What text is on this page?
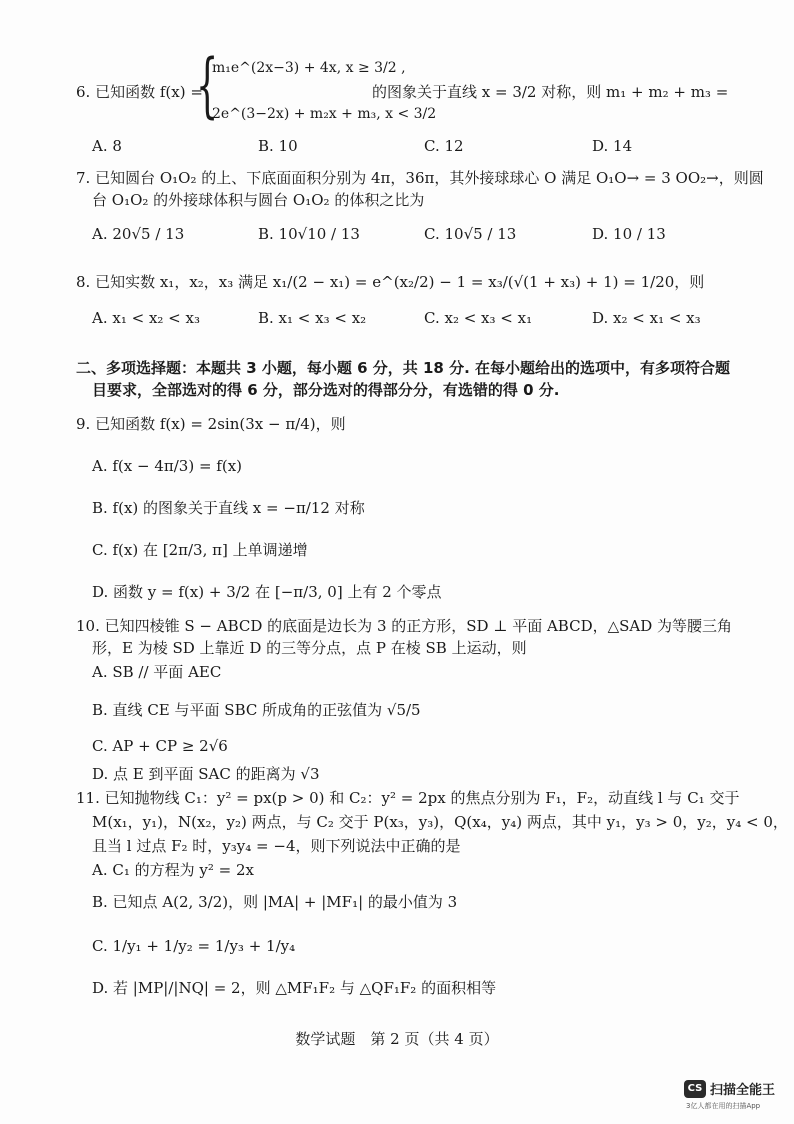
6. 已知函数 f(x) =
{
m₁e^(2x−3) + 4x, x ≥ 3/2 ,
2e^(3−2x) + m₂x + m₃, x < 3/2
的图象关于直线 x = 3/2 对称，则 m₁ + m₂ + m₃ =
A. 8	B. 10	C. 12	D. 14
7. 已知圆台 O₁O₂ 的上、下底面面积分别为 4π，36π，其外接球球心 O 满足 O₁O→ = 3 OO₂→，则圆
台 O₁O₂ 的外接球体积与圆台 O₁O₂ 的体积之比为
A. 20√5 / 13	B. 10√10 / 13	C. 10√5 / 13	D. 10 / 13
8. 已知实数 x₁，x₂，x₃ 满足 x₁/(2 − x₁) = e^(x₂/2) − 1 = x₃/(√(1 + x₃) + 1) = 1/20，则
A. x₁ < x₂ < x₃	B. x₁ < x₃ < x₂	C. x₂ < x₃ < x₁	D. x₂ < x₁ < x₃
二、多项选择题：本题共 3 小题，每小题 6 分，共 18 分. 在每小题给出的选项中，有多项符合题
目要求，全部选对的得 6 分，部分选对的得部分分，有选错的得 0 分.
9. 已知函数 f(x) = 2sin(3x − π/4)，则
A. f(x − 4π/3) = f(x)
B. f(x) 的图象关于直线 x = −π/12 对称
C. f(x) 在 [2π/3, π] 上单调递增
D. 函数 y = f(x) + 3/2 在 [−π/3, 0] 上有 2 个零点
10. 已知四棱锥 S − ABCD 的底面是边长为 3 的正方形，SD ⊥ 平面 ABCD，△SAD 为等腰三角
形，E 为棱 SD 上靠近 D 的三等分点，点 P 在棱 SB 上运动，则
A. SB // 平面 AEC
B. 直线 CE 与平面 SBC 所成角的正弦值为 √5/5
C. AP + CP ≥ 2√6
D. 点 E 到平面 SAC 的距离为 √3
11. 已知抛物线 C₁：y² = px(p > 0) 和 C₂：y² = 2px 的焦点分别为 F₁，F₂，动直线 l 与 C₁ 交于
M(x₁，y₁)，N(x₂，y₂) 两点，与 C₂ 交于 P(x₃，y₃)，Q(x₄，y₄) 两点，其中 y₁，y₃ > 0，y₂，y₄ < 0，
且当 l 过点 F₂ 时，y₃y₄ = −4，则下列说法中正确的是
A. C₁ 的方程为 y² = 2x
B. 已知点 A(2, 3/2)，则 |MA| + |MF₁| 的最小值为 3
C. 1/y₁ + 1/y₂ = 1/y₃ + 1/y₄
D. 若 |MP|/|NQ| = 2，则 △MF₁F₂ 与 △QF₁F₂ 的面积相等
数学试题　第 2 页（共 4 页）
CS 扫描全能王
3亿人都在用的扫描App
